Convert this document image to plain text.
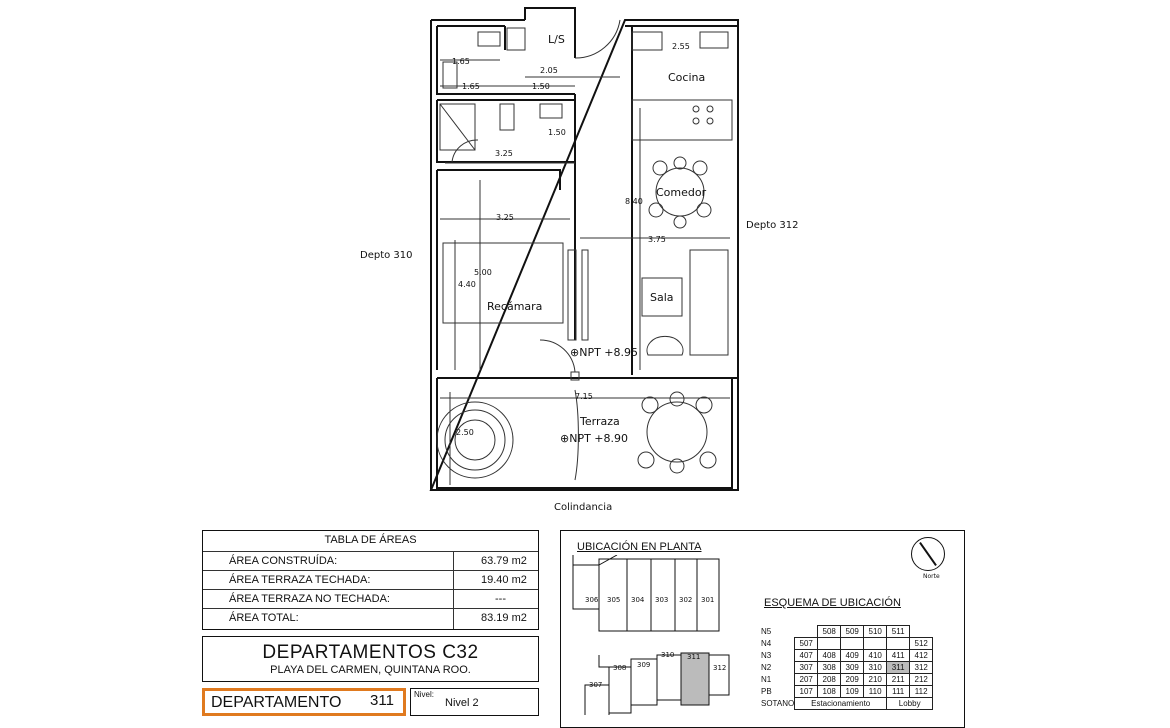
Depto 310
Depto 312
Colindancia
L/S
Cocina
Comedor
Sala
Recámara
Terraza
⊕NPT +8.95
⊕NPT +8.90
1.65
1.65	1.50
2.05
2.55
1.50
3.25
3.25
8.40
3.75
5.00
4.40
7.15
2.50
TABLA DE ÁREAS
ÁREA CONSTRUÍDA:	63.79 m2
ÁREA TERRAZA TECHADA:	19.40 m2
ÁREA TERRAZA NO TECHADA:	---
ÁREA TOTAL:	83.19 m2
DEPARTAMENTOS C32
PLAYA DEL CARMEN, QUINTANA ROO.
DEPARTAMENTO 311	Nivel:
Nivel 2
UBICACIÓN EN PLANTA
306 305 304 303 302 301
307
308 309
310 311
312
Norte
ESQUEMA DE UBICACIÓN
N5		508	509	510	511	
N4	507					512
N3	407	408	409	410	411	412
N2	307	308	309	310	311	312
N1	207	208	209	210	211	212
PB	107	108	109	110	111	112
SOTANO	Estacionamiento				Lobby	
